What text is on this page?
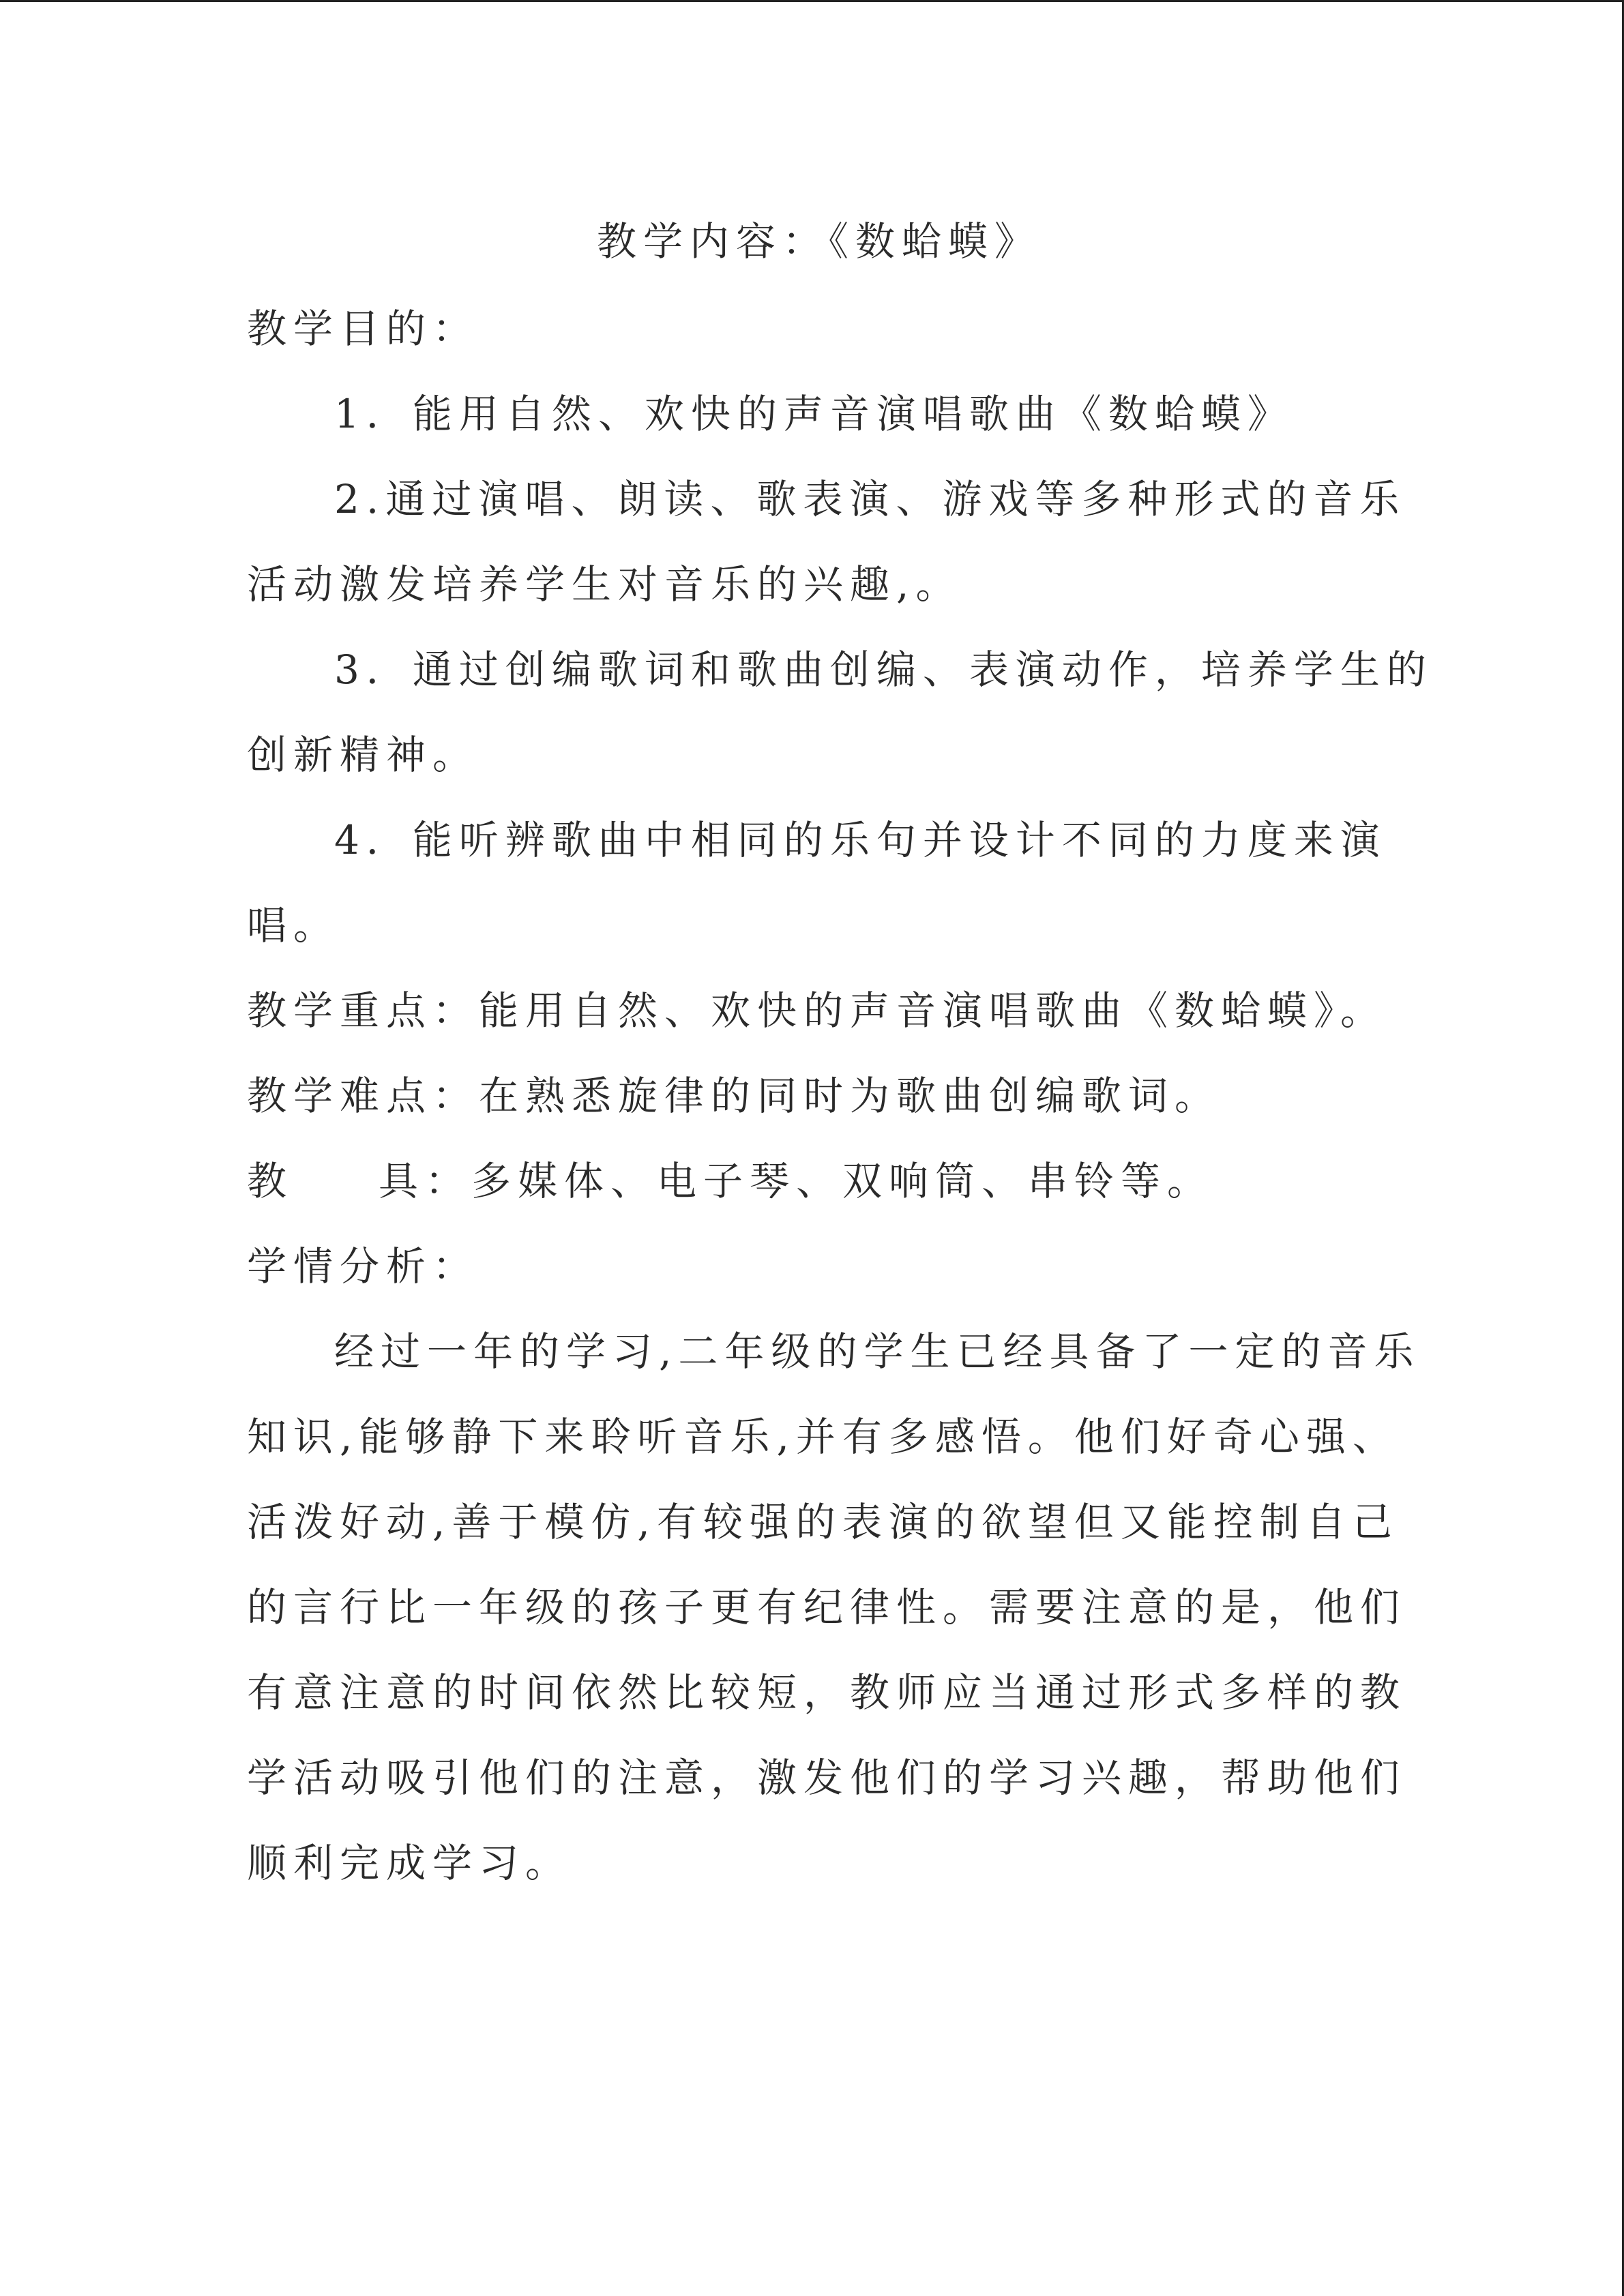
教学内容：《数蛤蟆》
教学目的：
1．能用自然、欢快的声音演唱歌曲《数蛤蟆》
2.通过演唱、朗读、歌表演、游戏等多种形式的音乐
活动激发培养学生对音乐的兴趣,。
3．通过创编歌词和歌曲创编、表演动作，培养学生的
创新精神。
4．能听辨歌曲中相同的乐句并设计不同的力度来演
唱。
教学重点：能用自然、欢快的声音演唱歌曲《数蛤蟆》。
教学难点：在熟悉旋律的同时为歌曲创编歌词。
教 具：多媒体、电子琴、双响筒、串铃等。
学情分析：
经过一年的学习,二年级的学生已经具备了一定的音乐
知识,能够静下来聆听音乐,并有多感悟。他们好奇心强、
活泼好动,善于模仿,有较强的表演的欲望但又能控制自己
的言行比一年级的孩子更有纪律性。需要注意的是，他们
有意注意的时间依然比较短，教师应当通过形式多样的教
学活动吸引他们的注意，激发他们的学习兴趣，帮助他们
顺利完成学习。
